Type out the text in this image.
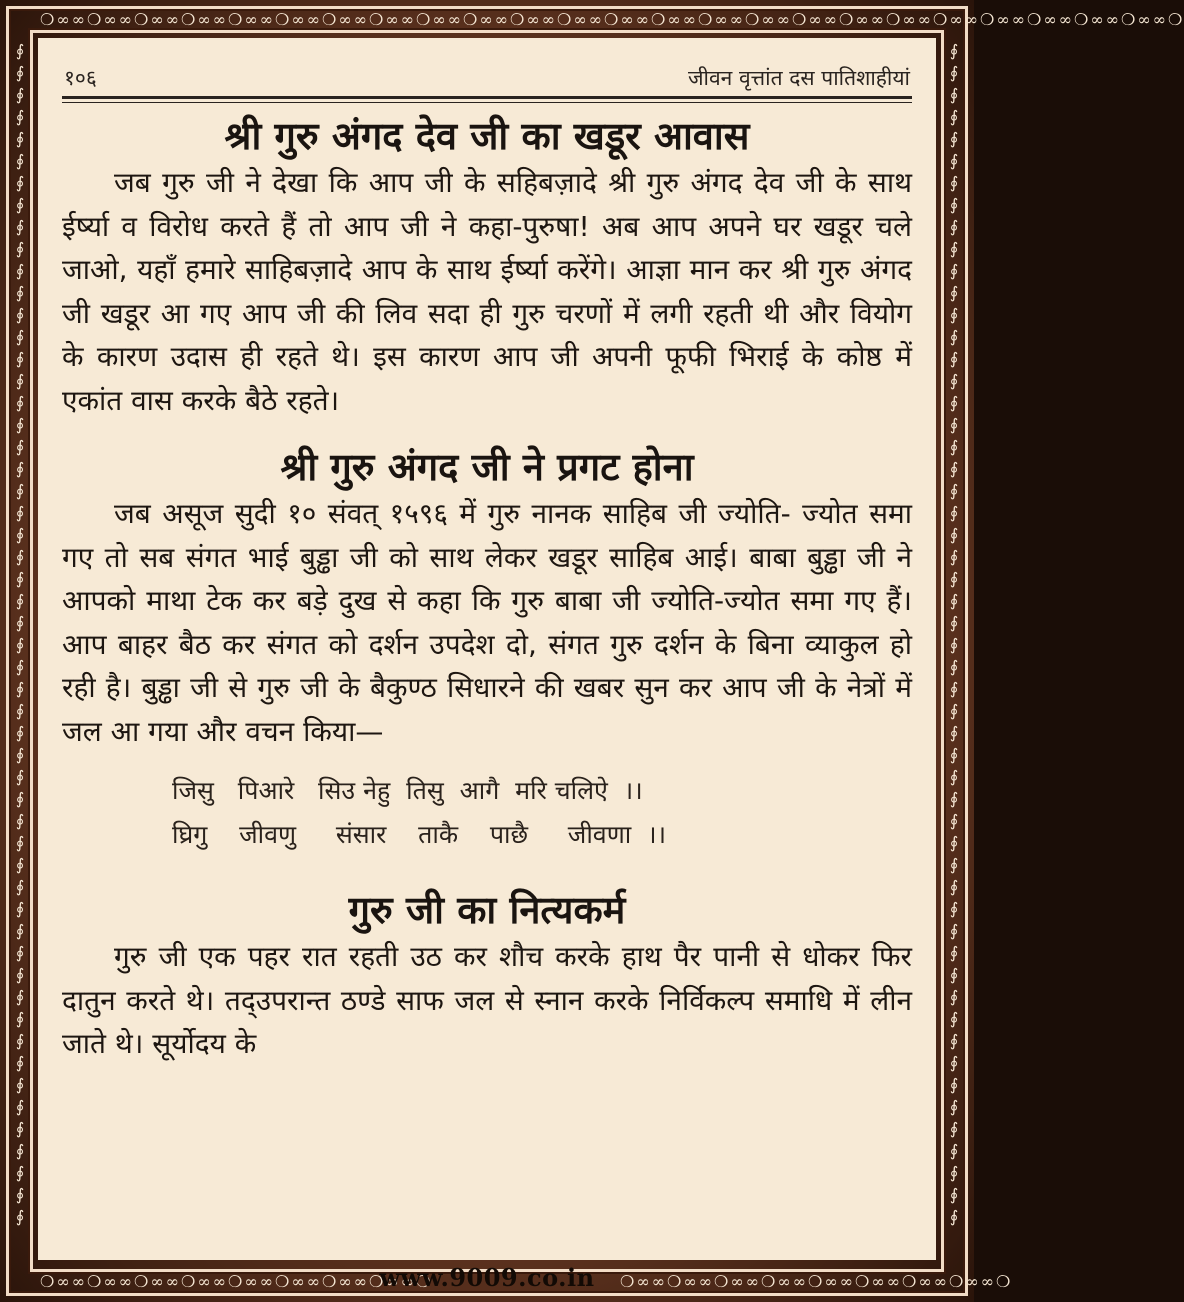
❍∞∞❍∞∞❍∞∞❍∞∞❍∞∞❍∞∞❍∞∞❍∞∞❍∞∞❍∞∞❍∞∞❍∞∞❍∞∞❍∞∞❍∞∞❍∞∞❍∞∞❍∞∞❍∞∞❍∞∞❍∞∞❍∞∞❍∞∞❍∞∞❍
❍∞∞❍∞∞❍∞∞❍∞∞❍∞∞❍∞∞❍∞∞❍∞∞❍	❍∞∞❍∞∞❍∞∞❍∞∞❍∞∞❍∞∞❍∞∞❍∞∞❍
∮
∮
∮
∮
∮
∮
∮
∮
∮
∮
∮
∮
∮
∮
∮
∮
∮
∮
∮
∮
∮
∮
∮
∮
∮
∮
∮
∮
∮
∮
∮
∮
∮
∮
∮
∮
∮
∮
∮
∮
∮
∮
∮
∮
∮
∮
∮
∮
∮
∮
∮
∮
∮
∮
∮
∮
∮
∮
∮
∮
∮
∮
∮
∮
∮
∮
∮
∮
∮
∮
∮
∮
∮
∮
∮
∮
∮
∮
∮
∮
∮
∮
∮
∮
∮
∮
∮
∮
∮
∮
∮
∮
∮
∮
∮
∮
∮
∮
∮
∮
∮
∮
∮
∮
∮
∮
∮
∮
www.9009.co.in
१०६	जीवन वृत्तांत दस पातिशाहीयां
श्री गुरु अंगद देव जी का खडूर आवास

जब गुरु जी ने देखा कि आप जी के सहिबज़ादे श्री गुरु अंगद देव जी के साथ ईर्ष्या व विरोध करते हैं तो आप जी ने कहा-पुरुषा! अब आप अपने घर खडूर चले जाओ, यहाँ हमारे साहिबज़ादे आप के साथ ईर्ष्या करेंगे। आज्ञा मान कर श्री गुरु अंगद जी खडूर आ गए आप जी की लिव सदा ही गुरु चरणों में लगी रहती थी और वियोग के कारण उदास ही रहते थे। इस कारण आप जी अपनी फूफी भिराई के कोष्ठ में एकांत वास करके बैठे रहते।

श्री गुरु अंगद जी ने प्रगट होना

जब असूज सुदी १० संवत् १५९६ में गुरु नानक साहिब जी ज्योति- ज्योत समा गए तो सब संगत भाई बुड्ढा जी को साथ लेकर खडूर साहिब आई। बाबा बुड्ढा जी ने आपको माथा टेक कर बड़े दुख से कहा कि गुरु बाबा जी ज्योति-ज्योत समा गए हैं। आप बाहर बैठ कर संगत को दर्शन उपदेश दो, संगत गुरु दर्शन के बिना व्याकुल हो रही है। बुड्ढा जी से गुरु जी के बैकुण्ठ सिधारने की खबर सुन कर आप जी के नेत्रों में जल आ गया और वचन किया—

जिसु   पिआरे   सिउ नेहु  तिसु  आगै  मरि चलिऐ  ।।
घ्रिगु    जीवणु     संसार    ताकै    पाछै     जीवणा  ।।
गुरु जी का नित्यकर्म

गुरु जी एक पहर रात रहती उठ कर शौच करके हाथ पैर पानी से धोकर फिर दातुन करते थे। तद्उपरान्त ठण्डे साफ जल से स्नान करके निर्विकल्प समाधि में लीन जाते थे। सूर्योदय के
